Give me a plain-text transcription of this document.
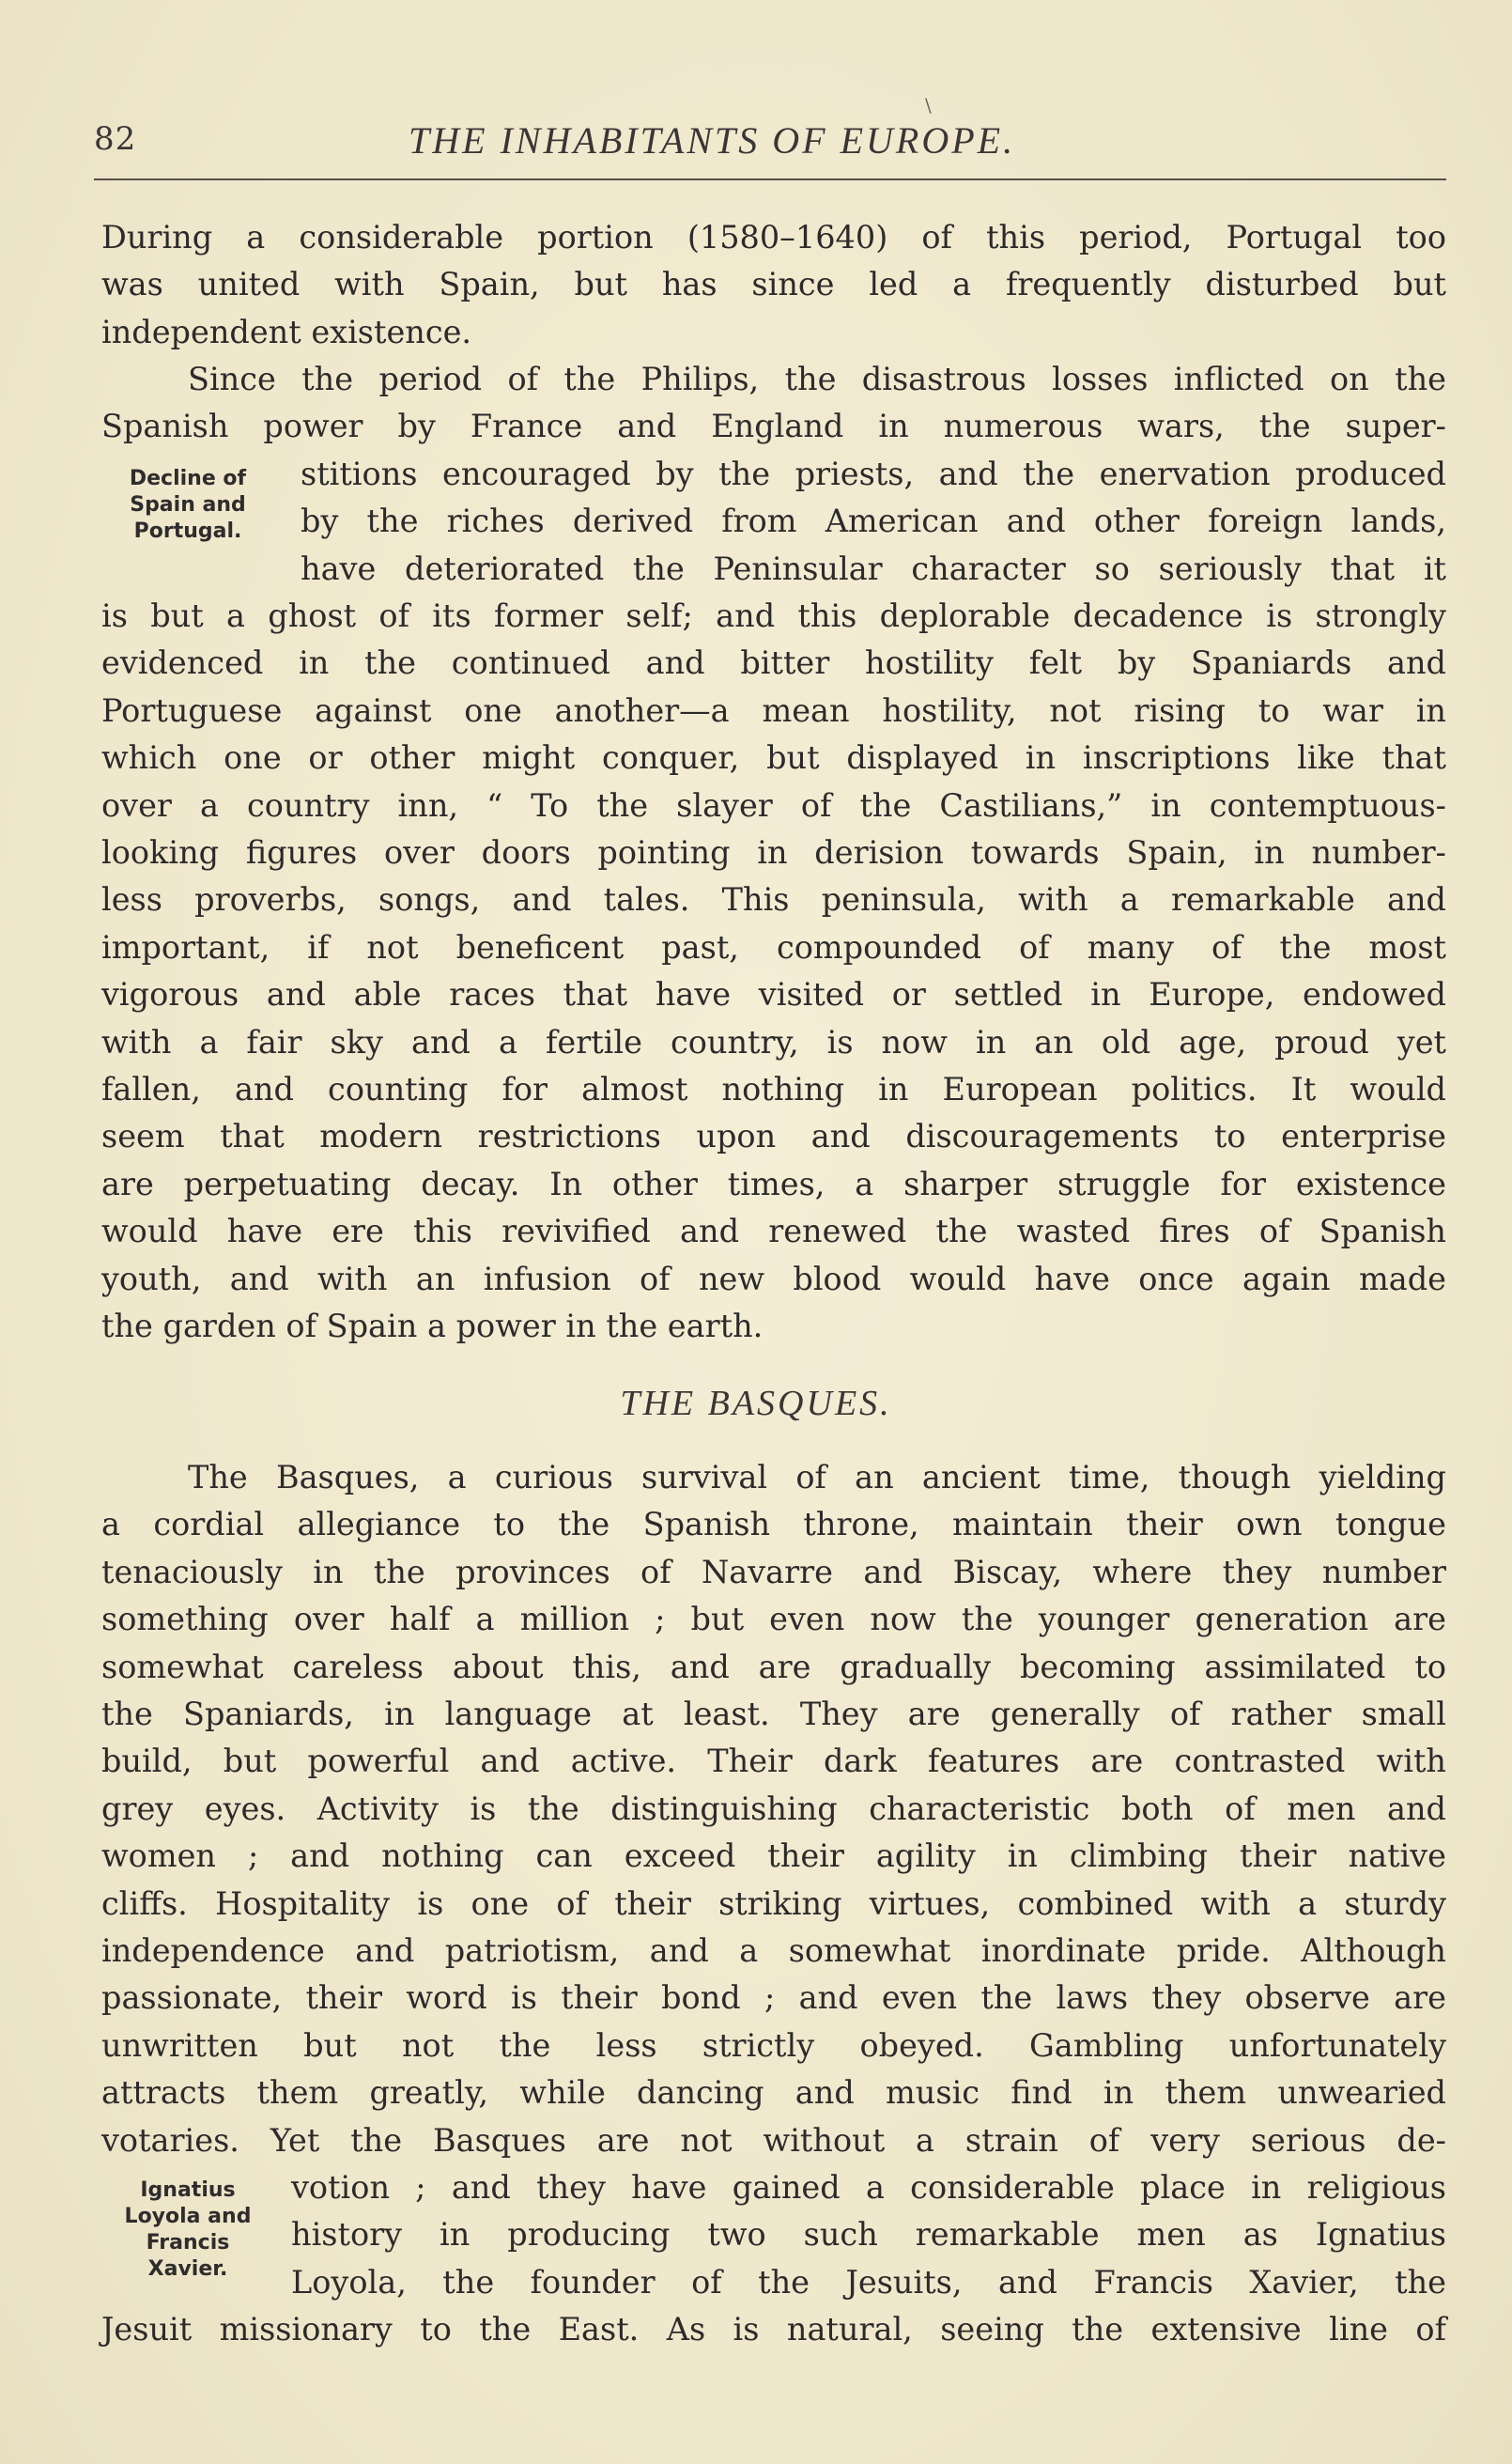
\
82	THE INHABITANTS OF EUROPE.

During a considerable portion (1580–1640) of this period, Portugal too

was united with Spain, but has since led a frequently disturbed but

independent existence.

Since the period of the Philips, the disastrous losses inflicted on the

Spanish power by France and England in numerous wars, the super-

stitions encouraged by the priests, and the enervation produced

by the riches derived from American and other foreign lands,

have deteriorated the Peninsular character so seriously that it

Decline of
Spain and
Portugal.

is but a ghost of its former self; and this deplorable decadence is strongly

evidenced in the continued and bitter hostility felt by Spaniards and

Portuguese against one another—a mean hostility, not rising to war in

which one or other might conquer, but displayed in inscriptions like that

over a country inn, “ To the slayer of the Castilians,” in contemptuous-

looking figures over doors pointing in derision towards Spain, in number-

less proverbs, songs, and tales. This peninsula, with a remarkable and

important, if not beneficent past, compounded of many of the most

vigorous and able races that have visited or settled in Europe, endowed

with a fair sky and a fertile country, is now in an old age, proud yet

fallen, and counting for almost nothing in European politics. It would

seem that modern restrictions upon and discouragements to enterprise

are perpetuating decay. In other times, a sharper struggle for existence

would have ere this revivified and renewed the wasted fires of Spanish

youth, and with an infusion of new blood would have once again made

the garden of Spain a power in the earth.

THE BASQUES.

The Basques, a curious survival of an ancient time, though yielding

a cordial allegiance to the Spanish throne, maintain their own tongue

tenaciously in the provinces of Navarre and Biscay, where they number

something over half a million ; but even now the younger generation are

somewhat careless about this, and are gradually becoming assimilated to

the Spaniards, in language at least. They are generally of rather small

build, but powerful and active. Their dark features are contrasted with

grey eyes. Activity is the distinguishing characteristic both of men and

women ; and nothing can exceed their agility in climbing their native

cliffs. Hospitality is one of their striking virtues, combined with a sturdy

independence and patriotism, and a somewhat inordinate pride. Although

passionate, their word is their bond ; and even the laws they observe are

unwritten but not the less strictly obeyed. Gambling unfortunately

attracts them greatly, while dancing and music find in them unwearied

votaries. Yet the Basques are not without a strain of very serious de-

votion ; and they have gained a considerable place in religious

history in producing two such remarkable men as Ignatius

Loyola, the founder of the Jesuits, and Francis Xavier, the

Ignatius
Loyola and
Francis
Xavier.

Jesuit missionary to the East. As is natural, seeing the extensive line of
